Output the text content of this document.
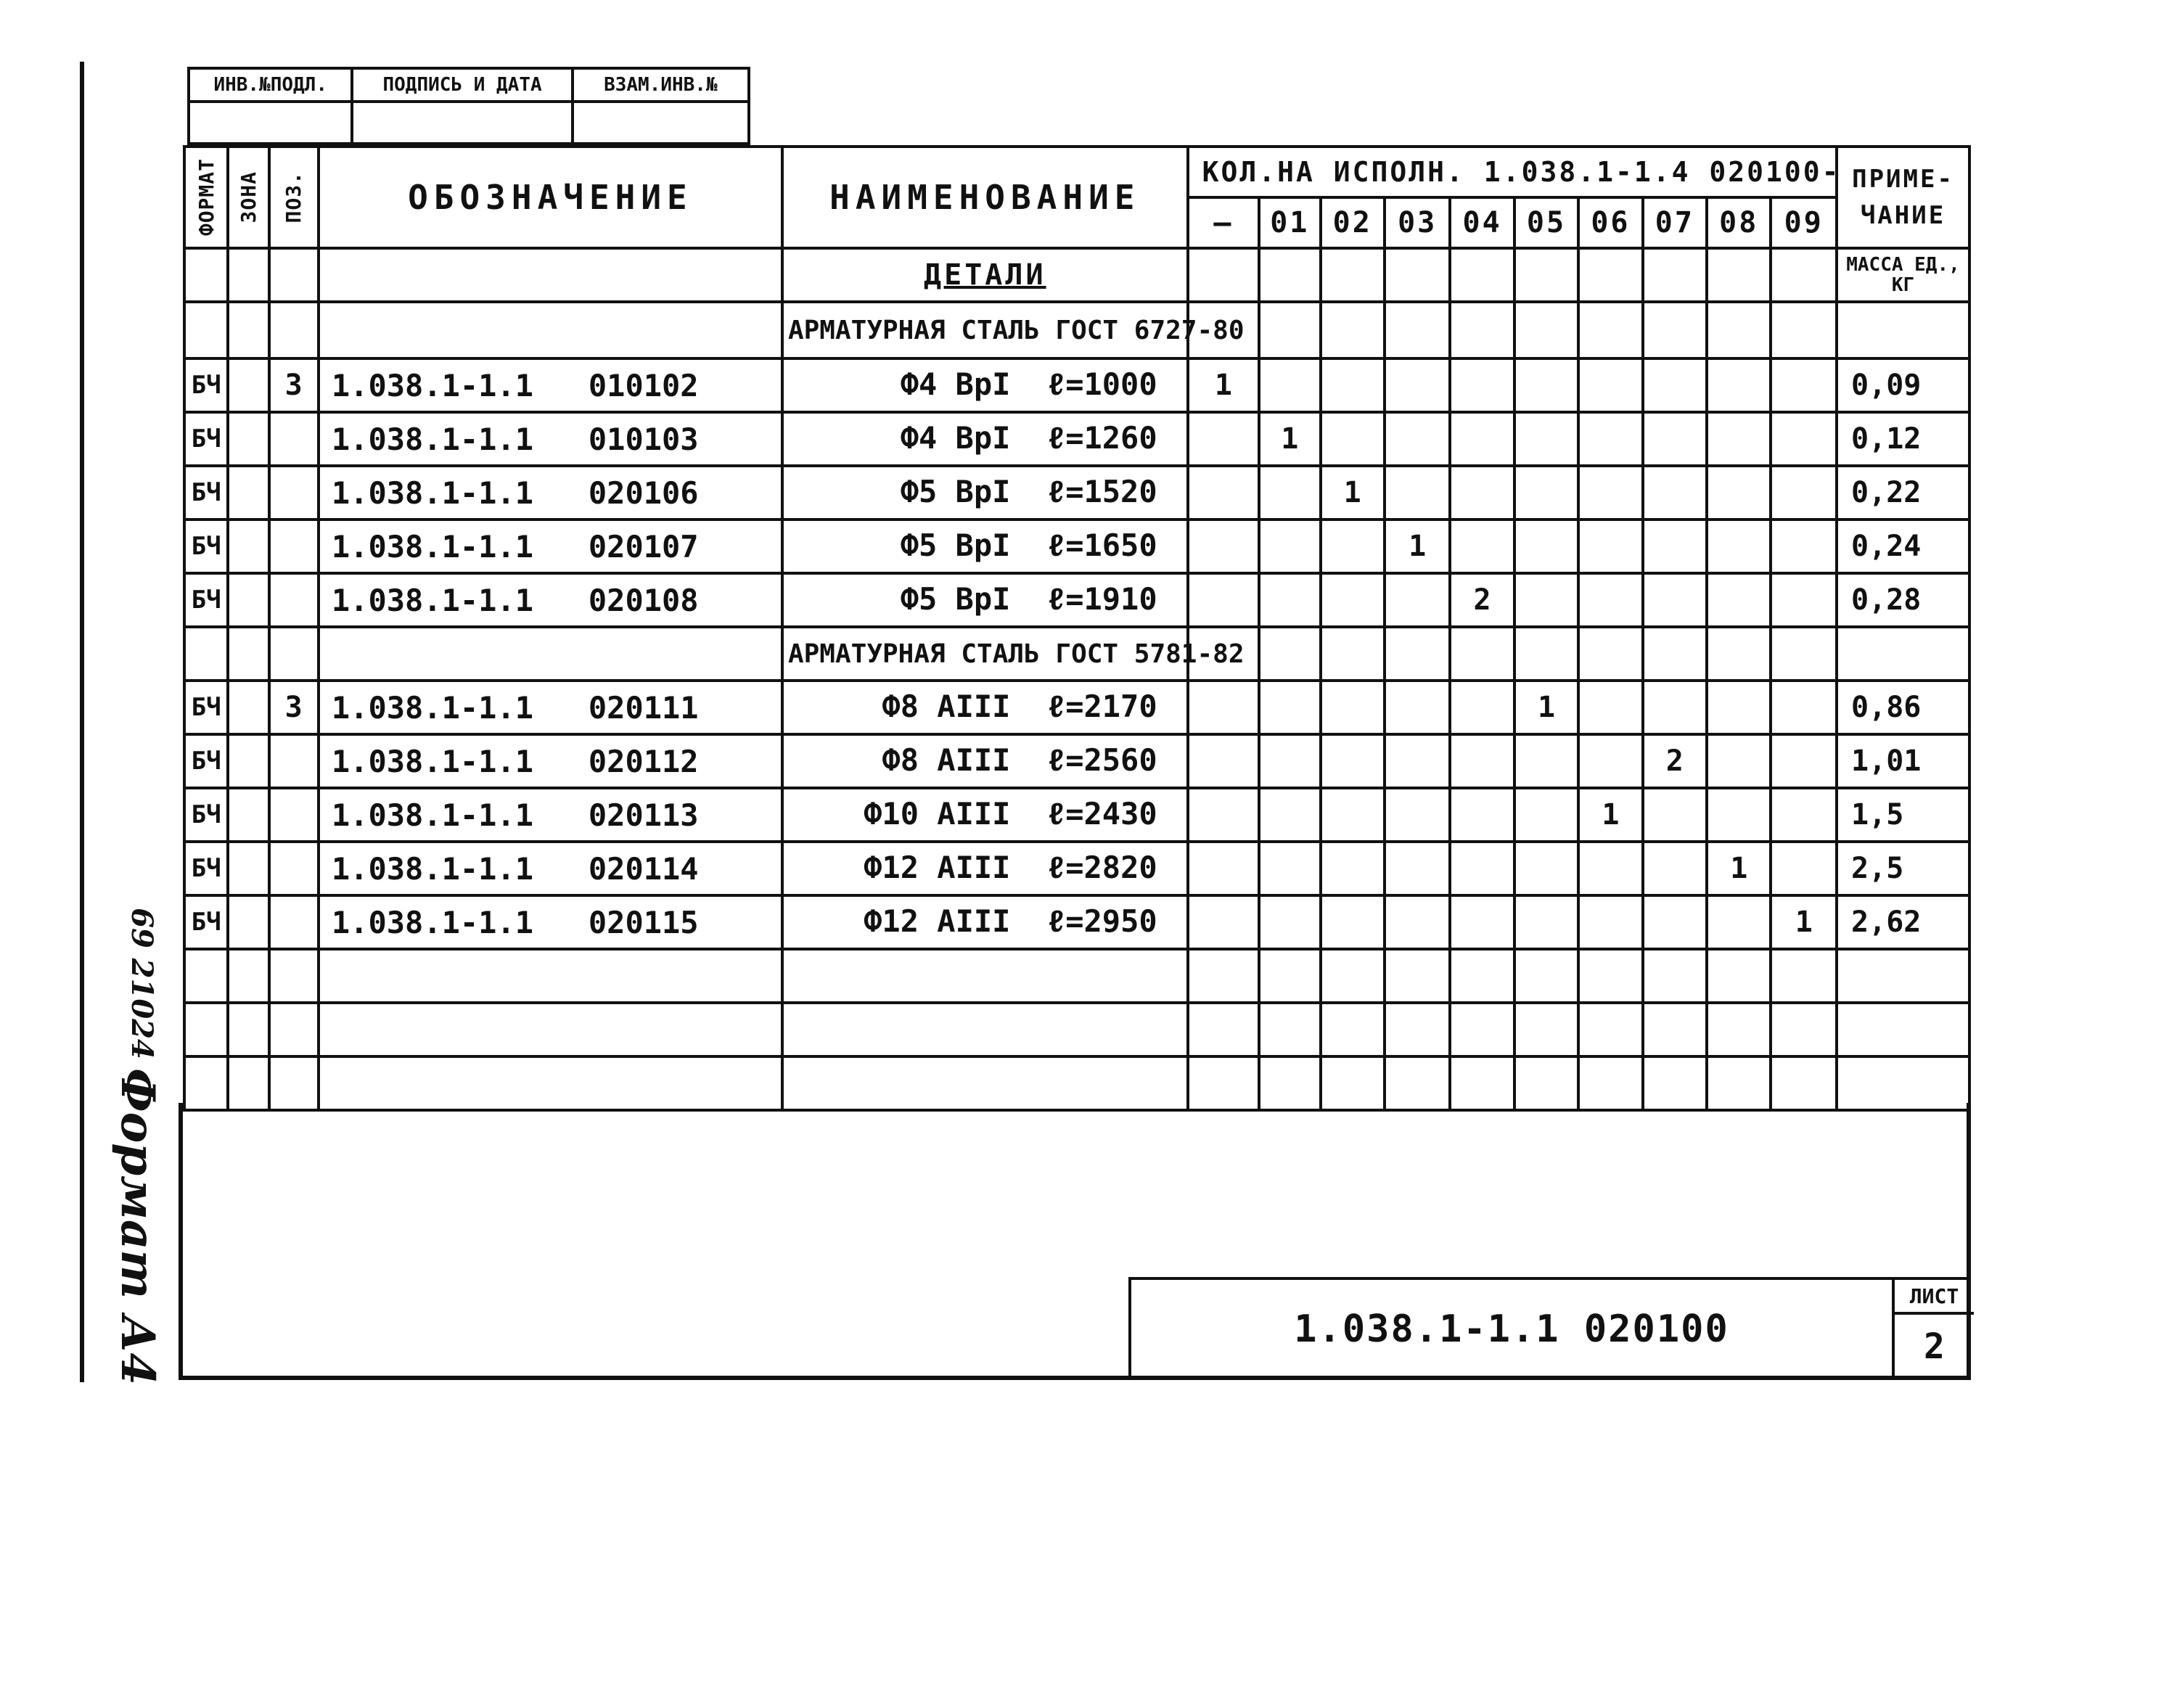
69 21024
Формат А4
ИНВ.№ПОДЛ.	ПОДПИСЬ И ДАТА	ВЗАМ.ИНВ.№

ФОРМАТ	ЗОНА	ПОЗ.	ОБОЗНАЧЕНИЕ	НАИМЕНОВАНИЕ	КОЛ.НА ИСПОЛН. 1.038.1-1.4 020100-										ПРИМЕ-ЧАНИЕ
					–	01	02	03	04	05	06	07	08	09	
				ДЕТАЛИ											МАССА ЕД., КГ
				АРМАТУРНАЯ СТАЛЬ ГОСТ 6727-80											
БЧ		3	1.038.1-1.1   010102	Ф4 ВрI  ℓ=1000	1										0,09
БЧ			1.038.1-1.1   010103	Ф4 ВрI  ℓ=1260		1									0,12
БЧ			1.038.1-1.1   020106	Ф5 ВрI  ℓ=1520			1								0,22
БЧ			1.038.1-1.1   020107	Ф5 ВрI  ℓ=1650				1							0,24
БЧ			1.038.1-1.1   020108	Ф5 ВрI  ℓ=1910					2						0,28
				АРМАТУРНАЯ СТАЛЬ ГОСТ 5781-82											
БЧ		3	1.038.1-1.1   020111	Ф8 АIII  ℓ=2170						1					0,86
БЧ			1.038.1-1.1   020112	Ф8 АIII  ℓ=2560								2			1,01
БЧ			1.038.1-1.1   020113	Ф10 АIII  ℓ=2430							1				1,5
БЧ			1.038.1-1.1   020114	Ф12 АIII  ℓ=2820									1		2,5
БЧ			1.038.1-1.1   020115	Ф12 АIII  ℓ=2950										1	2,62

1.038.1-1.1 020100
ЛИСТ
2
